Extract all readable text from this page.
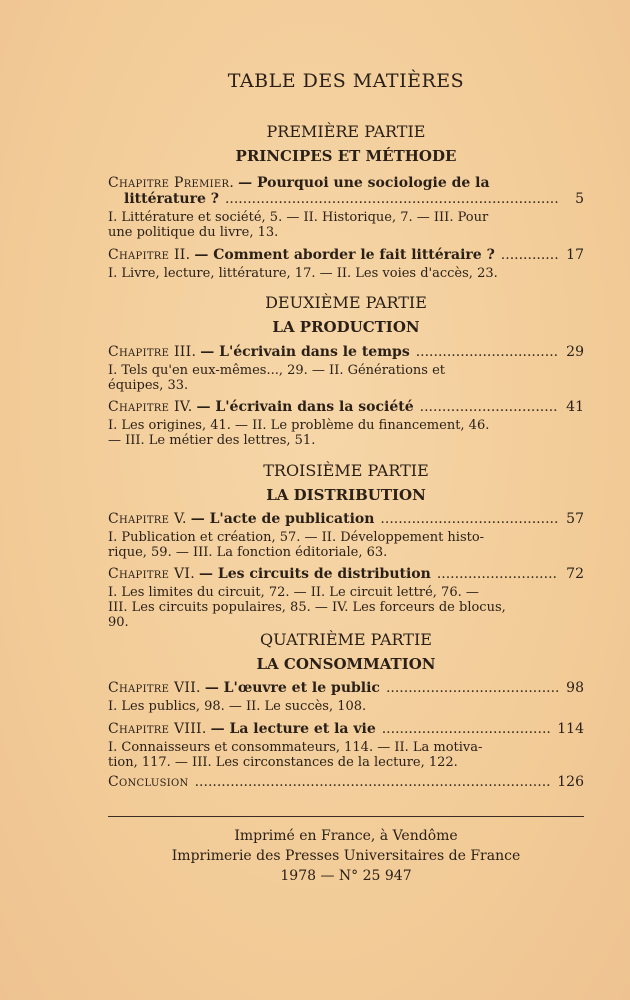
TABLE DES MATIÈRES
PREMIÈRE PARTIE
PRINCIPES ET MÉTHODE
Chapitre Premier. — Pourquoi une sociologie de la
littérature ? .....	5
I. Littérature et société, 5. — II. Historique, 7. — III. Pour
une politique du livre, 13.
Chapitre II. — Comment aborder le fait littéraire ? .....	17
I. Livre, lecture, littérature, 17. — II. Les voies d'accès, 23.
DEUXIÈME PARTIE
LA PRODUCTION
Chapitre III. — L'écrivain dans le temps .....	29
I. Tels qu'en eux-mêmes..., 29. — II. Générations et
équipes, 33.
Chapitre IV. — L'écrivain dans la société .....	41
I. Les origines, 41. — II. Le problème du financement, 46.
— III. Le métier des lettres, 51.
TROISIÈME PARTIE
LA DISTRIBUTION
Chapitre V. — L'acte de publication .....	57
I. Publication et création, 57. — II. Développement histo-
rique, 59. — III. La fonction éditoriale, 63.
Chapitre VI. — Les circuits de distribution .....	72
I. Les limites du circuit, 72. — II. Le circuit lettré, 76. —
III. Les circuits populaires, 85. — IV. Les forceurs de blocus,
90.
QUATRIÈME PARTIE
LA CONSOMMATION
Chapitre VII. — L'œuvre et le public .....	98
I. Les publics, 98. — II. Le succès, 108.
Chapitre VIII. — La lecture et la vie .....	114
I. Connaisseurs et consommateurs, 114. — II. La motiva-
tion, 117. — III. Les circonstances de la lecture, 122.
Conclusion .....	126
Imprimé en France, à Vendôme
Imprimerie des Presses Universitaires de France
1978 — N° 25 947
